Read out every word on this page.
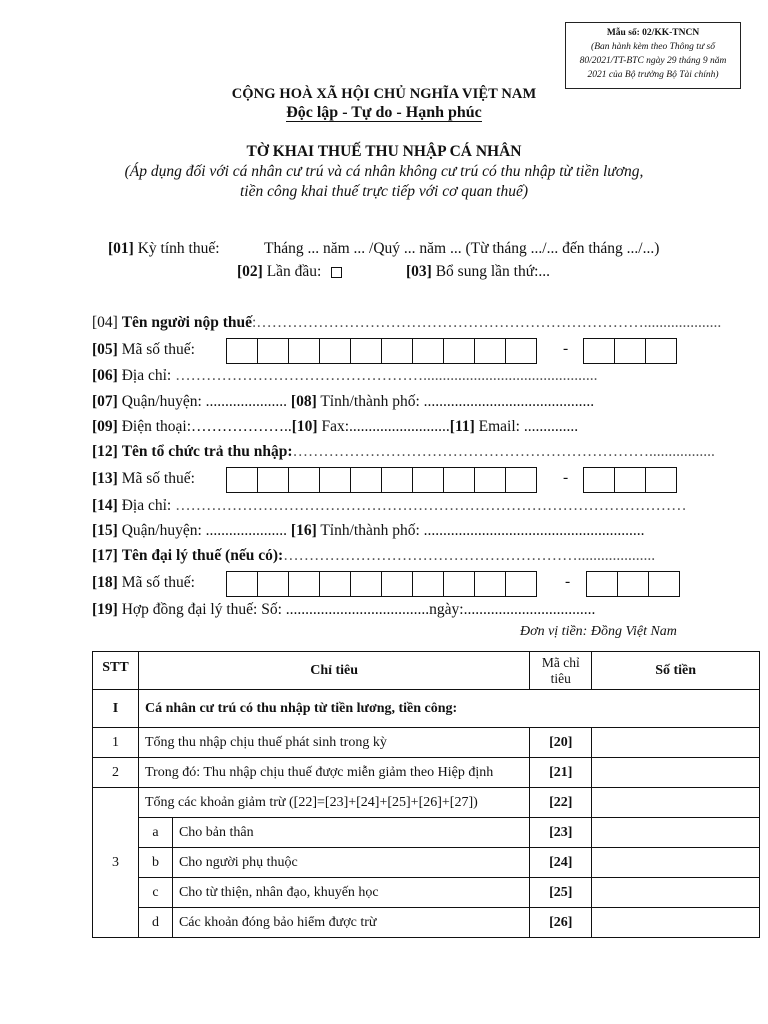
Mẫu số: 02/KK-TNCN
(Ban hành kèm theo Thông tư số
80/2021/TT-BTC ngày 29 tháng 9 năm
2021 của Bộ trưởng Bộ Tài chính)
CỘNG HOÀ XÃ HỘI CHỦ NGHĨA VIỆT NAM
Độc lập - Tự do - Hạnh phúc
TỜ KHAI THUẾ THU NHẬP CÁ NHÂN
(Áp dụng đối với cá nhân cư trú và cá nhân không cư trú có thu nhập từ tiền lương,
tiền công khai thuế trực tiếp với cơ quan thuế)
[01] Kỳ tính thuế:	Tháng ... năm ... /Quý ... năm ... (Từ tháng .../... đến tháng .../...)
[02] Lần đầu:	[03] Bổ sung lần thứ:...
[04] Tên người nộp thuế:…………………………………………………………………....................
[05] Mã số thuế:	-
[06] Địa chỉ: ………………………………………….............................................
[07] Quận/huyện: ..................... [08] Tỉnh/thành phố: ............................................
[09] Điện thoại:………………..[10] Fax:..........................[11] Email: ..............
[12] Tên tổ chức trả thu nhập:…………………………………………………………….................
[13] Mã số thuế:	-
[14] Địa chỉ: ………………………………………………………………………………………
[15] Quận/huyện: ..................... [16] Tỉnh/thành phố: .........................................................
[17] Tên đại lý thuế (nếu có):…………………………………………………....................
[18] Mã số thuế:	-
[19] Hợp đồng đại lý thuế: Số: .....................................ngày:..................................
Đơn vị tiền: Đồng Việt Nam
STT	Chỉ tiêu		Mã chỉ tiêu	Số tiền
I	Cá nhân cư trú có thu nhập từ tiền lương, tiền công:			
1	Tổng thu nhập chịu thuế phát sinh trong kỳ		[20]	
2	Trong đó: Thu nhập chịu thuế được miễn giảm theo Hiệp định		[21]	
3	Tổng các khoản giảm trừ ([22]=[23]+[24]+[25]+[26]+[27])		[22]	
	a	Cho bản thân	[23]	
	b	Cho người phụ thuộc	[24]	
	c	Cho từ thiện, nhân đạo, khuyến học	[25]	
	d	Các khoản đóng bảo hiểm được trừ	[26]	
